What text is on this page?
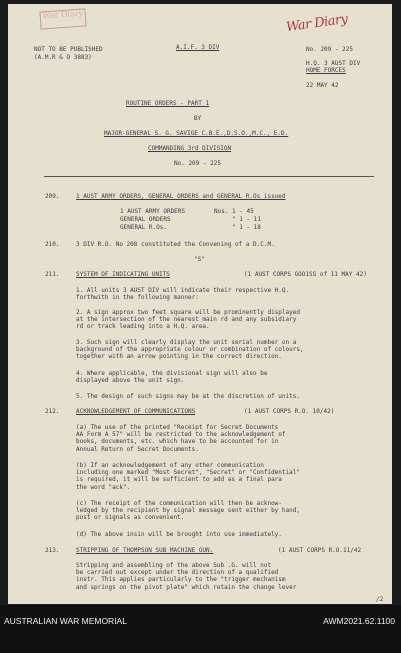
War Diary	War Diary
NOT TO BE PUBLISHED
(A.M.R & O 3883)
A.I.F. 3 DIV	No. 209 - 225
H.Q. 3 AUST DIV
HOME FORCES
22 MAY 42
ROUTINE ORDERS - PART 1
BY
MAJOR-GENERAL S. G. SAVIGE C.B.E.,D.S.O.,M.C., E.D.
COMMANDING 3rd DIVISION
No. 209 - 225
209.	1 AUST ARMY ORDERS, GENERAL ORDERS and GENERAL R.Os issued
1 AUST ARMY ORDERS	Nos. 1 - 45
GENERAL ORDERS	" 1 - 11
GENERAL R.Os.	" 1 - 18
210.	3 DIV R.O. No 208 constituted the Convening of a D.C.M.
"S"
211.	SYSTEM OF INDICATING UNITS	(1 AUST CORPS GOO1SS of 11 MAY 42)
1. All units 3 AUST DIV will indicate their respective H.Q.
forthwith in the following manner:
2. A sign approx two feet square will be prominently displayed
at the intersection of the nearest main rd and any subsidiary
rd or track leading into a H.Q. area.
3. Such sign will clearly display the unit serial number on a
background of the appropriate colour or combination of colours,
together with an arrow pointing in the correct direction.
4. Where applicable, the divisional sign will also be
displayed above the unit sign.
5. The design of such signs may be at the discretion of units.
212.	ACKNOWLEDGEMENT OF COMMUNICATIONS	(1 AUST CORPS R.O. 10/42)
(a) The use of the printed "Receipt for Secret Documents
AA Form A 57" will be restricted to the acknowledgement of
books, documents, etc. which have to be accounted for in
Annual Return of Secret Documents.
(b) If an acknowledgement of any other communication
including one marked "Most Secret", "Secret" or "Confidential"
is required, it will be sufficient to add as a final para
the word "ack".
(c) The receipt of the communication will then be acknow-
ledged by the recipient by signal message sent either by hand,
post or signals as convenient.
(d) The above insin will be brought into use immediately.
213.	STRIPPING OF THOMPSON SUB MACHINE GUN.	(1 AUST CORPS R.O.11/42
Stripping and assembling of the above Sub .G. will not
be carried out except under the direction of a qualified
instr. This applies particularly to the "trigger mechanism
and springs on the pivot plate" which retain the change lever
/2
AUSTRALIAN WAR MEMORIAL	AWM2021.62.1100
